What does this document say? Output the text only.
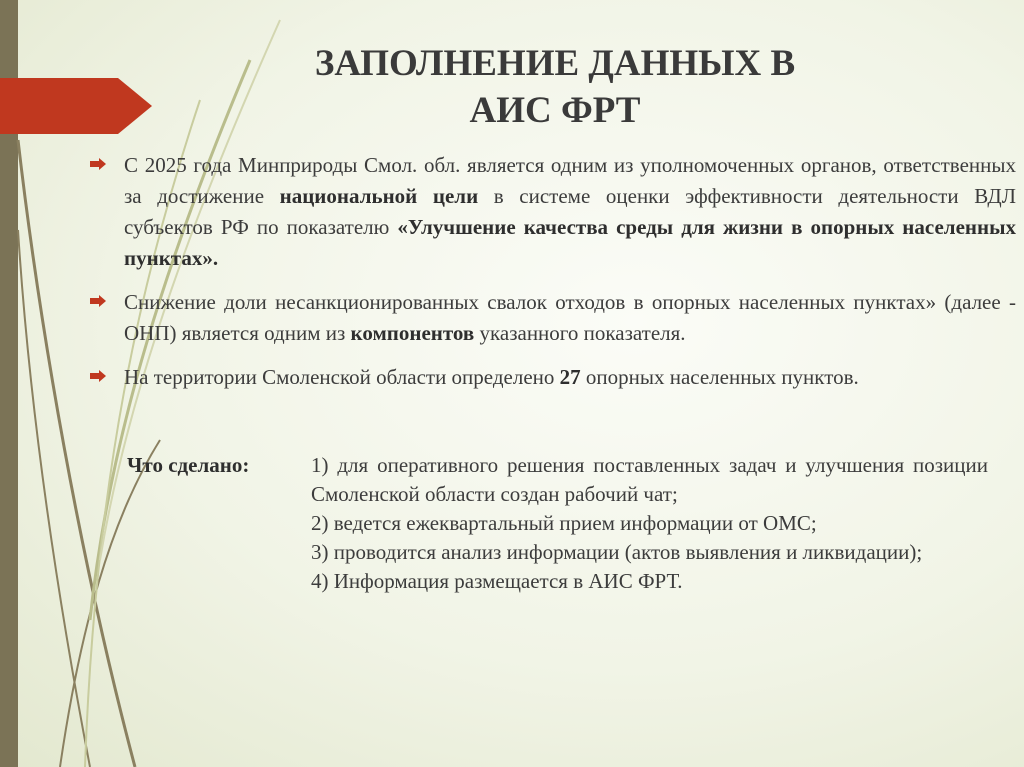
ЗАПОЛНЕНИЕ ДАННЫХ В
АИС ФРТ
С 2025 года Минприроды Смол. обл. является одним из уполномоченных органов, ответственных за достижение национальной цели в системе оценки эффективности деятельности ВДЛ субъектов РФ по показателю «Улучшение качества среды для жизни в опорных населенных пунктах».
Снижение доли несанкционированных свалок отходов в опорных населенных пунктах» (далее - ОНП) является одним из компонентов указанного показателя.
На территории Смоленской области определено 27 опорных населенных пунктов.
Что сделано:	1) для оперативного решения поставленных задач и улучшения позиции Смоленской области создан рабочий чат;
2) ведется ежеквартальный прием информации от ОМС;
3) проводится анализ информации (актов выявления и ликвидации);
4) Информация размещается в АИС ФРТ.
